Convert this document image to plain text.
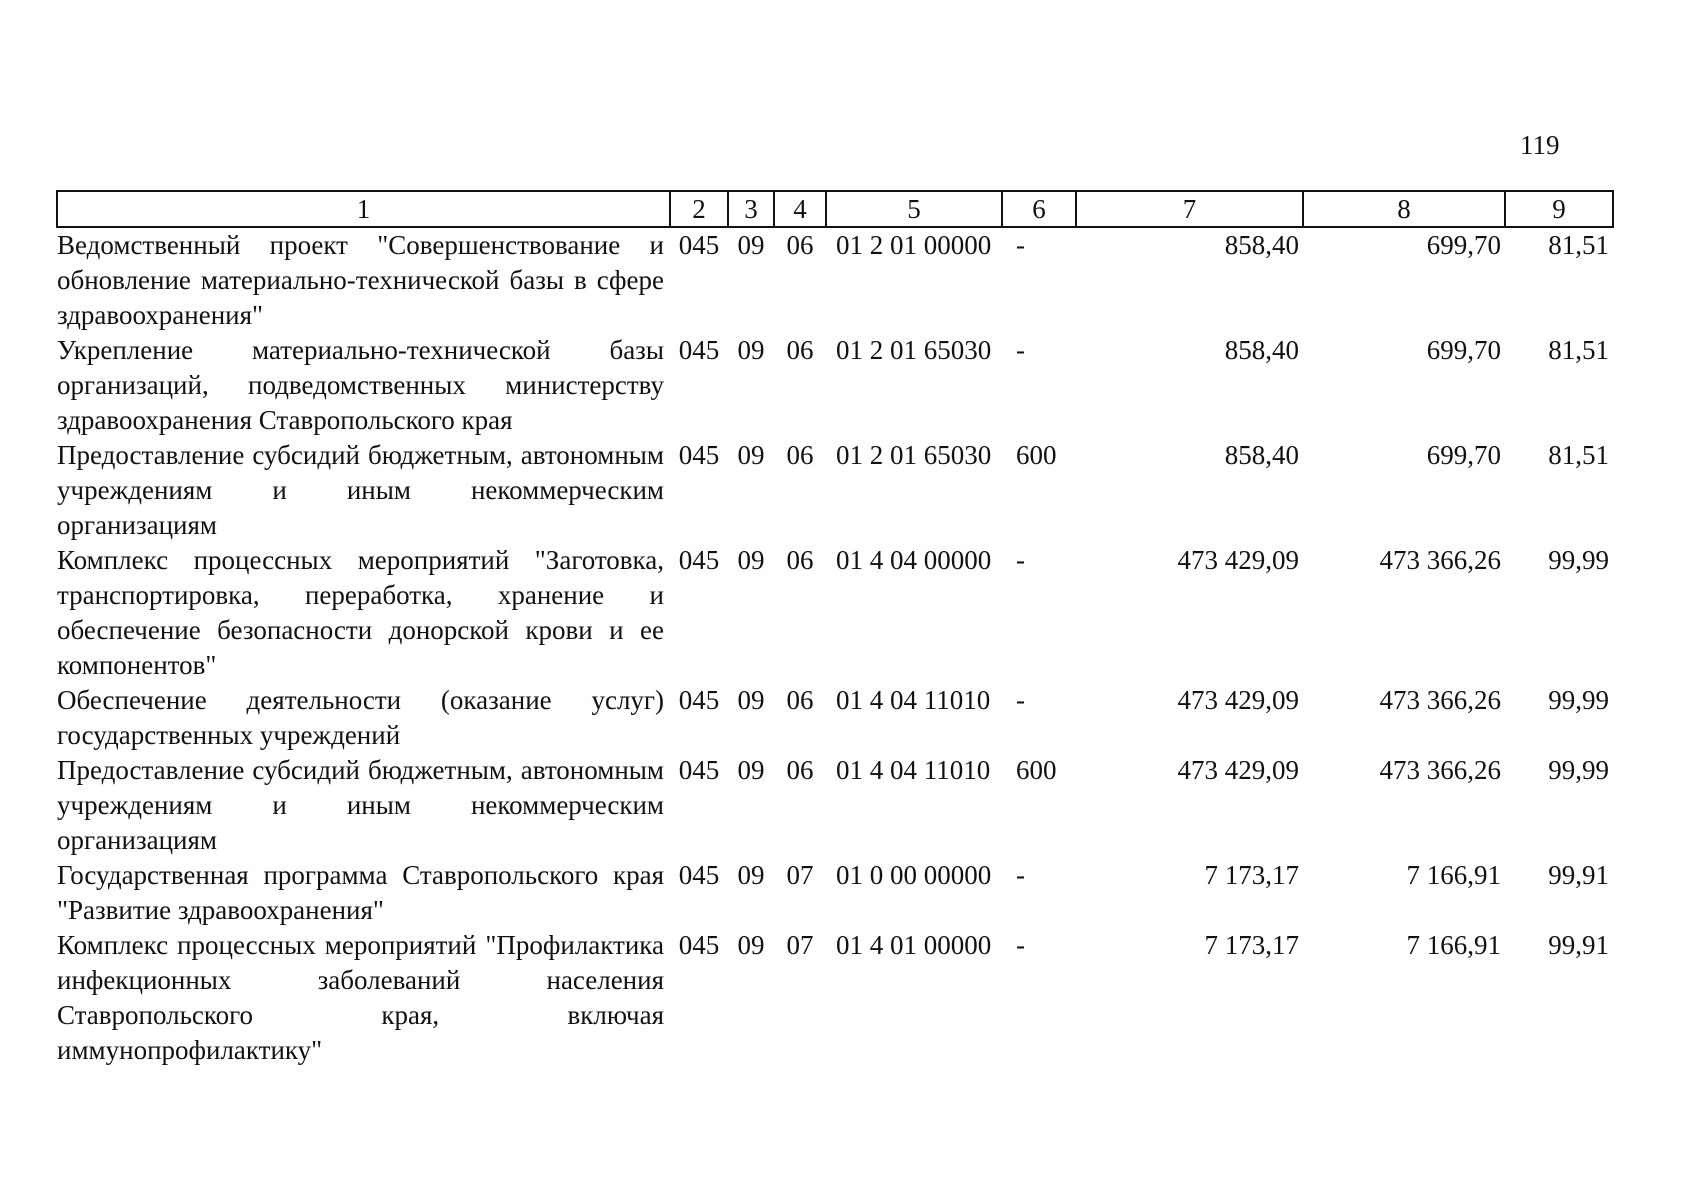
119
1	2	3	4	5	6	7	8	9
Ведомственный проект "Совершенствование и обновление материально-технической базы в сфере здравоохранения"	045	09	06	01 2 01 00000	-	858,40	699,70	81,51
Укрепление материально-технической базы организаций, подведомственных министерству здравоохранения Ставропольского края	045	09	06	01 2 01 65030	-	858,40	699,70	81,51
Предоставление субсидий бюджетным, автономным учреждениям и иным некоммерческим организациям	045	09	06	01 2 01 65030	600	858,40	699,70	81,51
Комплекс процессных мероприятий "Заготовка, транспортировка, переработка, хранение и обеспечение безопасности донорской крови и ее компонентов"	045	09	06	01 4 04 00000	-	473 429,09	473 366,26	99,99
Обеспечение деятельности (оказание услуг) государственных учреждений	045	09	06	01 4 04 11010	-	473 429,09	473 366,26	99,99
Предоставление субсидий бюджетным, автономным учреждениям и иным некоммерческим организациям	045	09	06	01 4 04 11010	600	473 429,09	473 366,26	99,99
Государственная программа Ставропольского края "Развитие здравоохранения"	045	09	07	01 0 00 00000	-	7 173,17	7 166,91	99,91
Комплекс процессных мероприятий "Профилактика инфекционных заболеваний населения Ставропольского края, включая иммунопрофилактику"	045	09	07	01 4 01 00000	-	7 173,17	7 166,91	99,91
